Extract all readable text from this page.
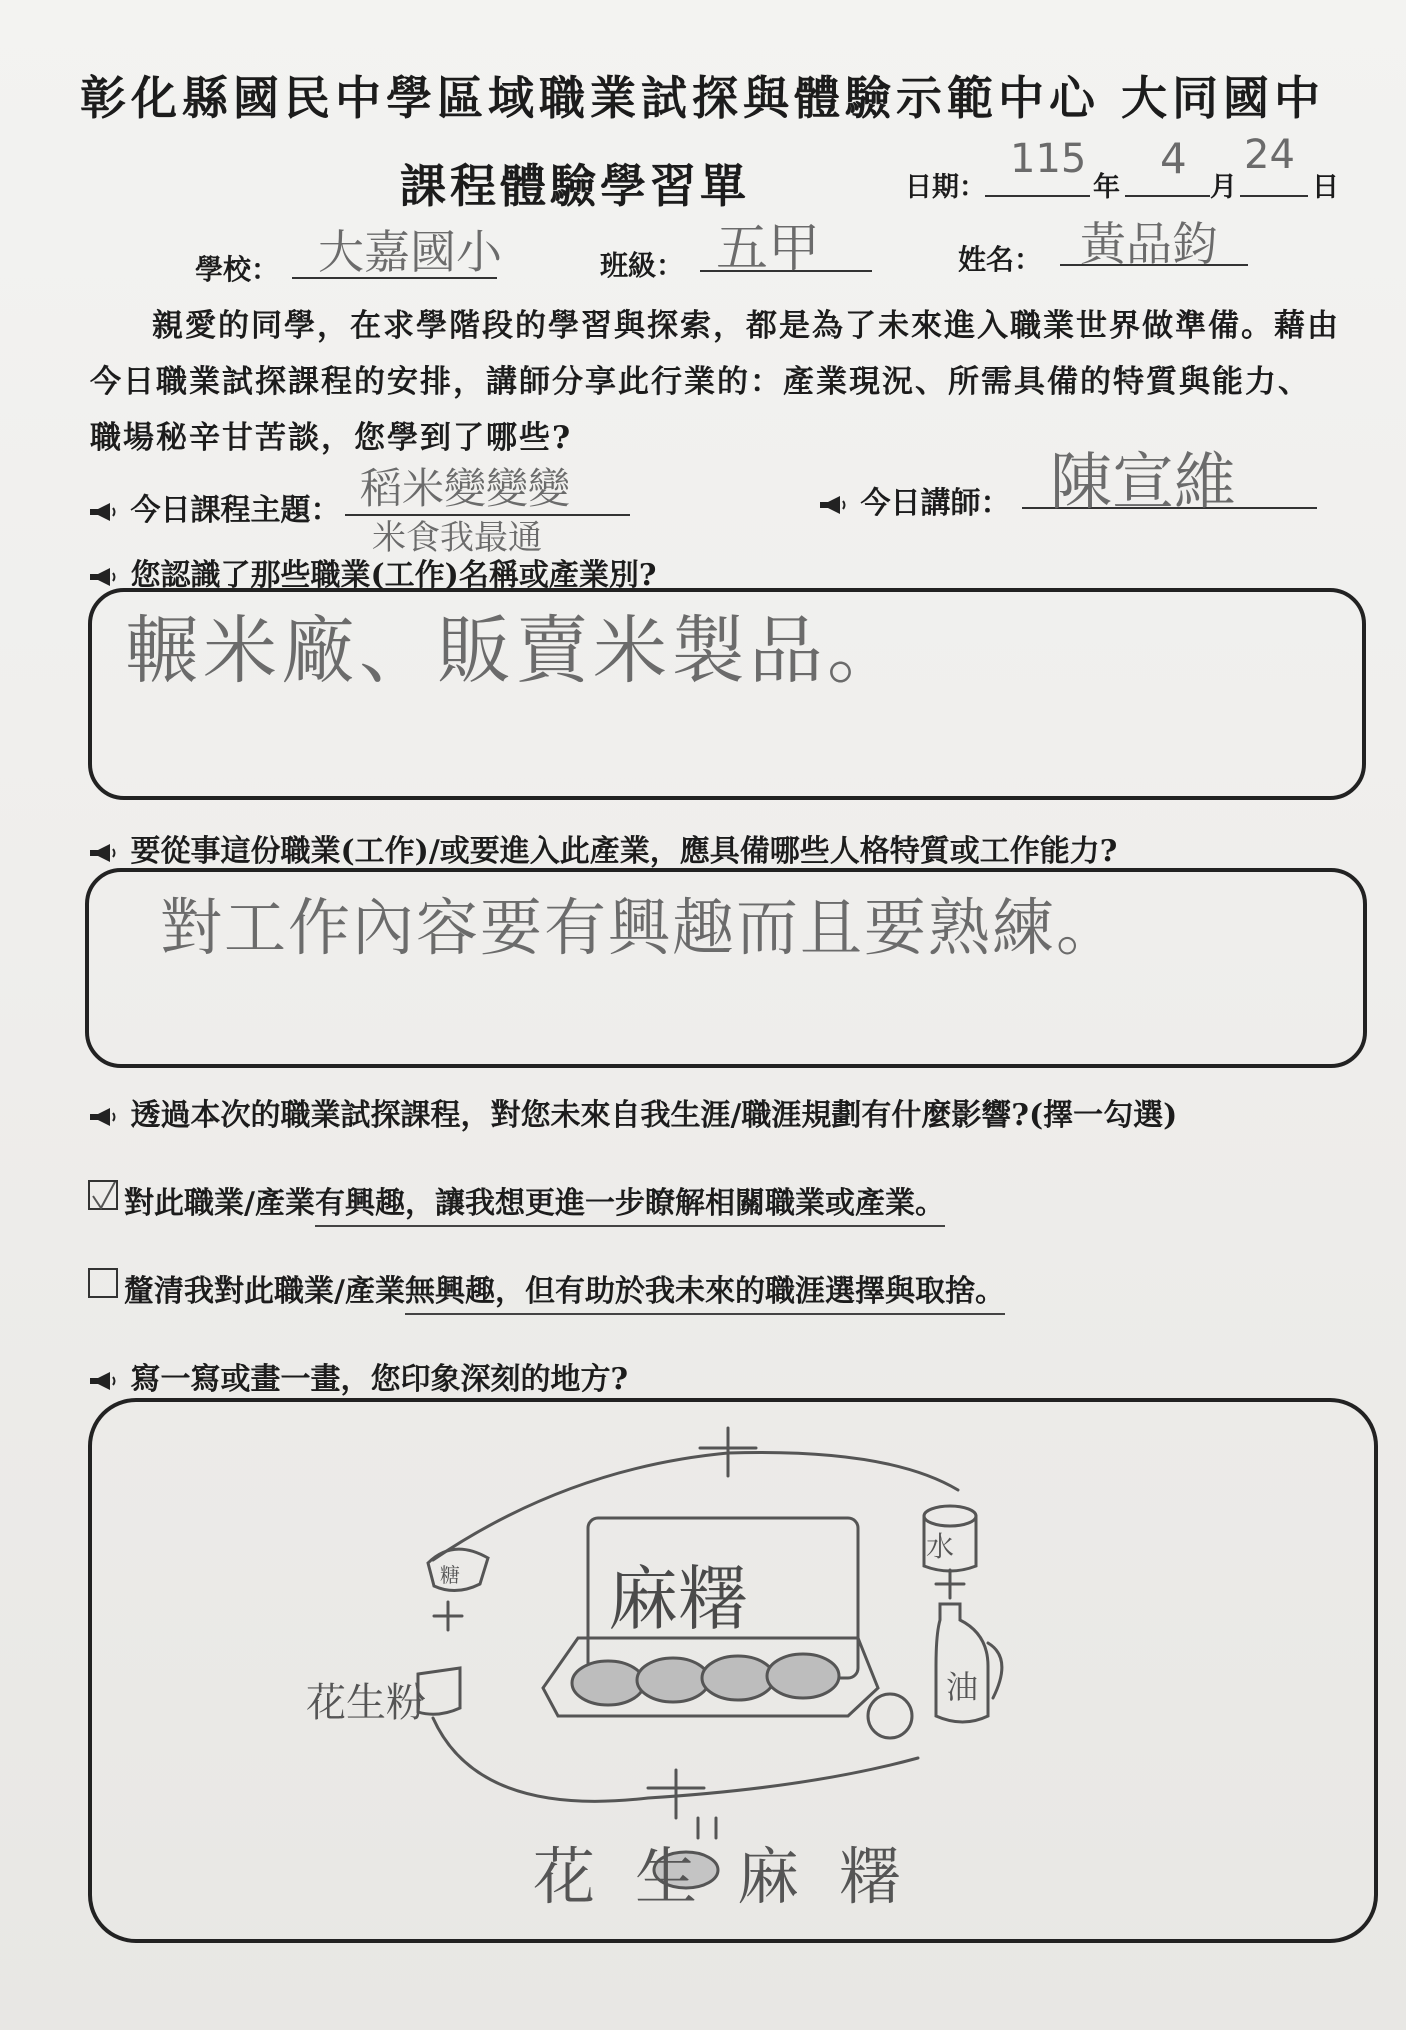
彰化縣國民中學區域職業試探與體驗示範中心 大同國中
課程體驗學習單	日期：
115
年
4
月
24
日
學校： 大嘉國小	班級： 五甲	姓名： 黃品鈞

親愛的同學，在求學階段的學習與探索，都是為了未來進入職業世界做準備。藉由今日職業試探課程的安排，講師分享此行業的：產業現況、所需具備的特質與能力、職場秘辛甘苦談，您學到了哪些?

今日課程主題： 稻米變變變
米食我最通
今日講師： 陳宣維
您認識了那些職業(工作)名稱或產業別?
輾米廠、販賣米製品。
要從事這份職業(工作)/或要進入此產業，應具備哪些人格特質或工作能力?
對工作內容要有興趣而且要熟練。
透過本次的職業試探課程，對您未來自我生涯/職涯規劃有什麼影響?(擇一勾選)
對此職業/產業有興趣，讓我想更進一步瞭解相關職業或產業。
釐清我對此職業/產業無興趣，但有助於我未來的職涯選擇與取捨。
寫一寫或畫一畫，您印象深刻的地方?
麻糬
糖
花生粉
水
油
花生麻糬
